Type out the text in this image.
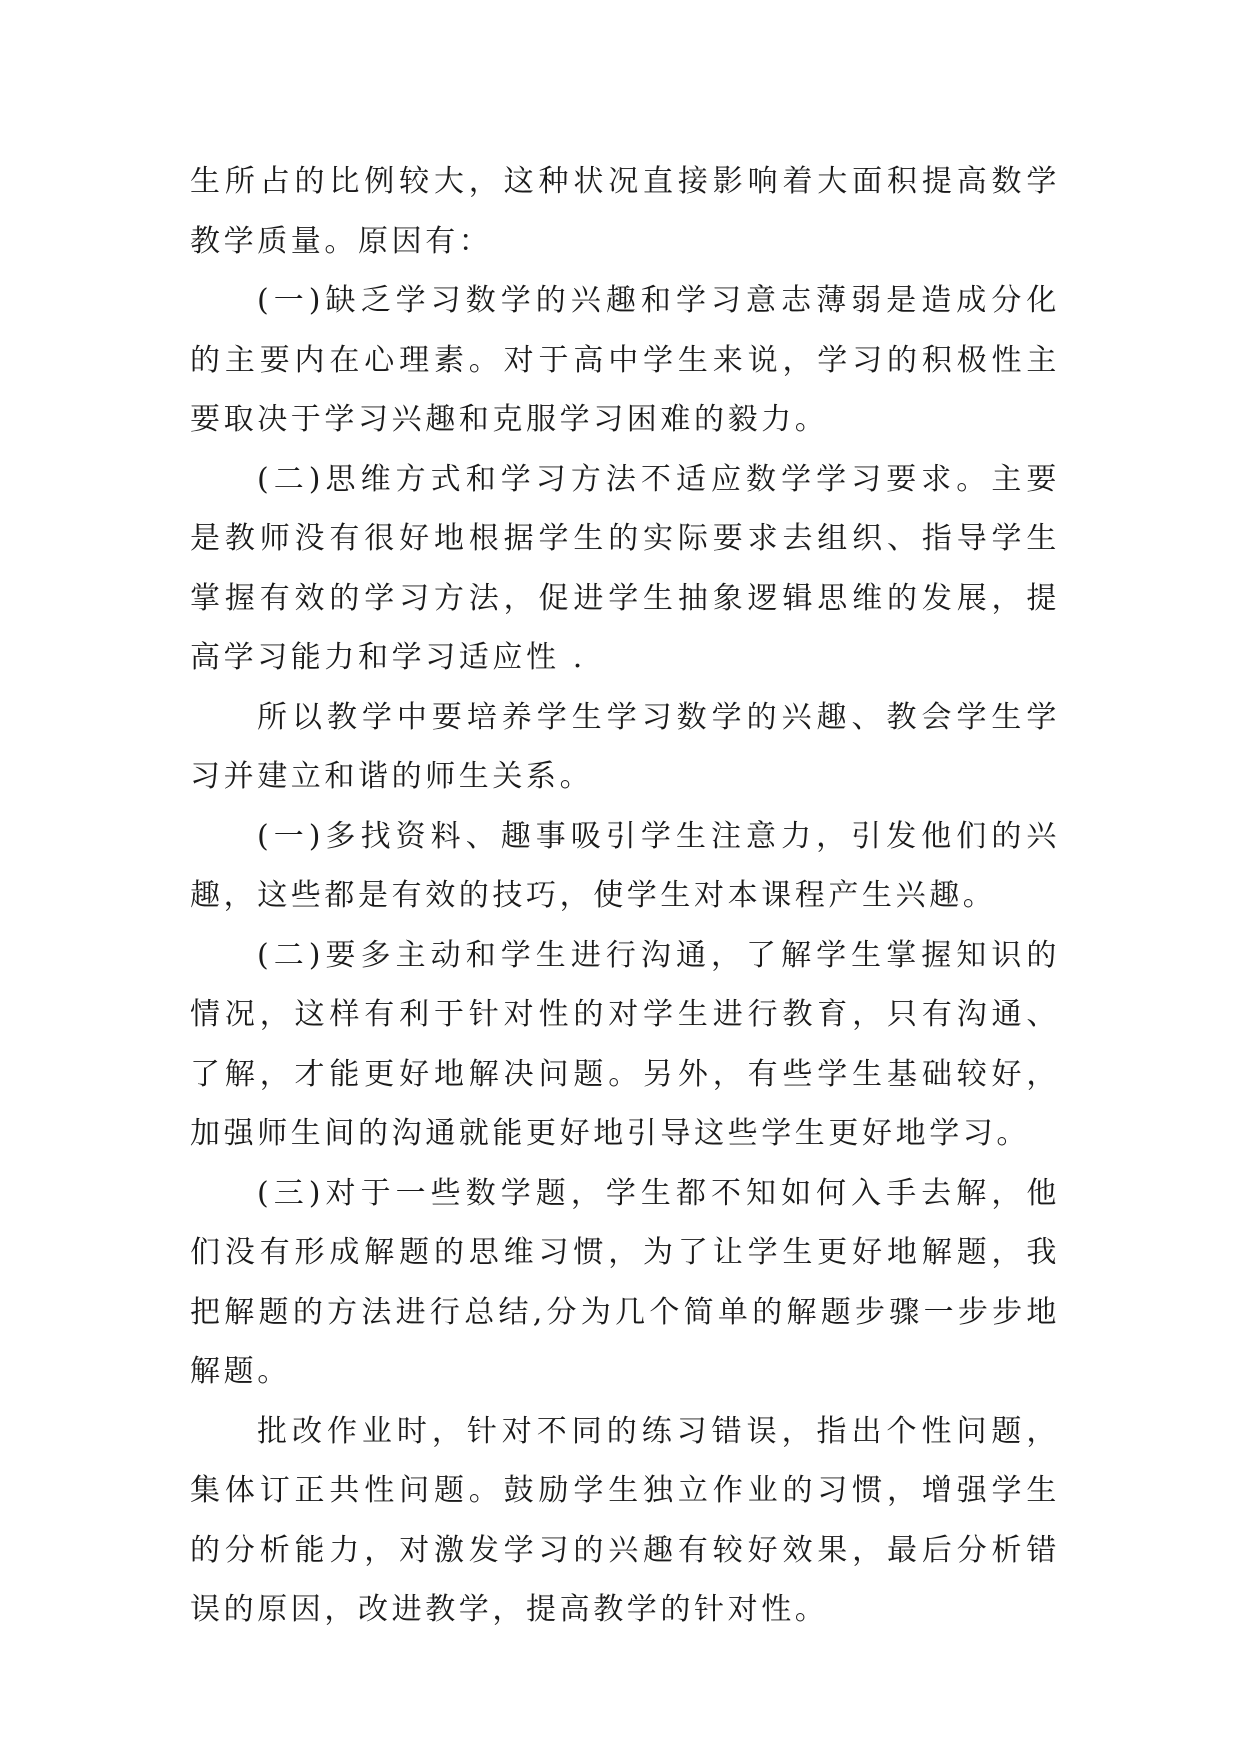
生所占的比例较大，这种状况直接影响着大面积提高数学教学质量。原因有：

(一)缺乏学习数学的兴趣和学习意志薄弱是造成分化的主要内在心理素。对于高中学生来说，学习的积极性主要取决于学习兴趣和克服学习困难的毅力。

(二)思维方式和学习方法不适应数学学习要求。主要是教师没有很好地根据学生的实际要求去组织、指导学生掌握有效的学习方法，促进学生抽象逻辑思维的发展，提高学习能力和学习适应性 .

所以教学中要培养学生学习数学的兴趣、教会学生学习并建立和谐的师生关系。

(一)多找资料、趣事吸引学生注意力，引发他们的兴趣，这些都是有效的技巧，使学生对本课程产生兴趣。

(二)要多主动和学生进行沟通，了解学生掌握知识的情况，这样有利于针对性的对学生进行教育，只有沟通、了解，才能更好地解决问题。另外，有些学生基础较好，加强师生间的沟通就能更好地引导这些学生更好地学习。

(三)对于一些数学题，学生都不知如何入手去解，他们没有形成解题的思维习惯，为了让学生更好地解题，我把解题的方法进行总结,分为几个简单的解题步骤一步步地解题。

批改作业时，针对不同的练习错误，指出个性问题，集体订正共性问题。鼓励学生独立作业的习惯，增强学生的分析能力，对激发学习的兴趣有较好效果，最后分析错误的原因，改进教学，提高教学的针对性。
